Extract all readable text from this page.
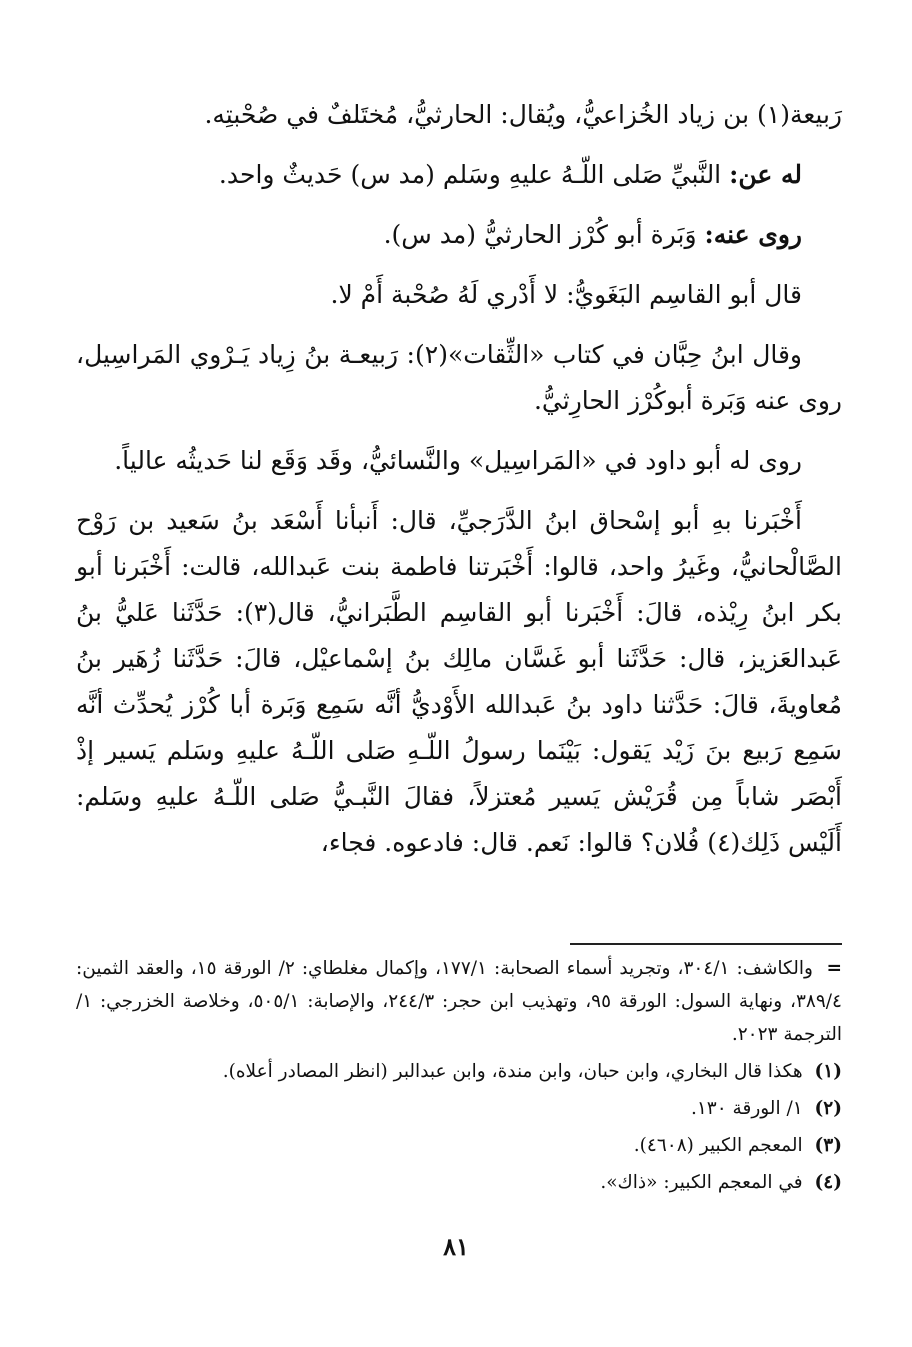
رَبيعة(١) بن زياد الخُزاعيُّ، ويُقال: الحارثيُّ، مُختَلفٌ في صُحْبتِه.

له عن: النَّبيِّ صَلى اللّـهُ عليهِ وسَلم (مد س) حَديثٌ واحد.

روى عنه: وَبَرة أبو كُرْز الحارثيُّ (مد س).

قال أبو القاسِم البَغَويُّ: لا أَدْري لَهُ صُحْبة أَمْ لا.

وقال ابنُ حِبَّان في كتاب «الثِّقات»(٢): رَبيعـة بنُ زِياد يَـرْوي المَراسِيل، روى عنه وَبَرة أبوكُرْز الحارِثيُّ.

روى له أبو داود في «المَراسِيل» والنَّسائيُّ، وقَد وَقَع لنا حَديثُه عالياً.

أَخْبَرنا بهِ أبو إسْحاق ابنُ الدَّرَجيِّ، قال: أَنبأنا أَسْعَد بنُ سَعيد بن رَوْح الصَّالْحانيُّ، وغَيرُ واحد، قالوا: أَخْبَرتنا فاطمة بنت عَبدالله، قالت: أَخْبَرنا أبو بكر ابنُ رِيْذه، قالَ: أَخْبَرنا أبو القاسِم الطَّبَرانيُّ، قال(٣): حَدَّثَنا عَليُّ بنُ عَبدالعَزيز، قال: حَدَّثَنا أبو غَسَّان مالِك بنُ إسْماعيْل، قالَ: حَدَّثَنا زُهَير بنُ مُعاويةَ، قالَ: حَدَّثنا داود بنُ عَبدالله الأَوْديُّ أنَّه سَمِع وَبَرة أبا كُرْز يُحدِّث أنَّه سَمِع رَبيع بنَ زَيْد يَقول: بَيْنَما رسولُ اللّـهِ صَلى اللّـهُ عليهِ وسَلم يَسير إذْ أَبْصَر شاباً مِن قُرَيْش يَسير مُعتزلاً، فقالَ النَّبـيُّ صَلى اللّـهُ عليهِ وسَلم: أَلَيْس ذَلِك(٤) فُلان؟ قالوا: نَعم. قال: فادعوه. فجاء،

= والكاشف: ٣٠٤/١، وتجريد أسماء الصحابة: ١٧٧/١، وإكمال مغلطاي: ٢/ الورقة ١٥، والعقد الثمين: ٣٨٩/٤، ونهاية السول: الورقة ٩٥، وتهذيب ابن حجر: ٢٤٤/٣، والإصابة: ٥٠٥/١، وخلاصة الخزرجي: ١/ الترجمة ٢٠٢٣.

(١) هكذا قال البخاري، وابن حبان، وابن مندة، وابن عبدالبر (انظر المصادر أعلاه).

(٢) ١/ الورقة ١٣٠.

(٣) المعجم الكبير (٤٦٠٨).

(٤) في المعجم الكبير: «ذاك».

٨١
